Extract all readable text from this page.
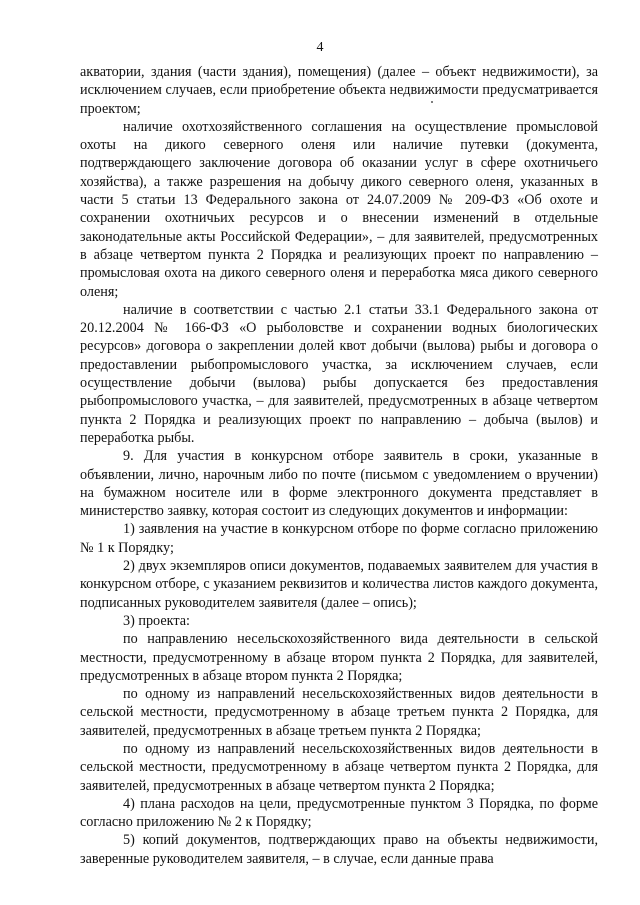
4

акватории, здания (части здания), помещения) (далее – объект недвижимости), за исключением случаев, если приобретение объекта недвижимости предусматривается проектом;

наличие охотхозяйственного соглашения на осуществление промысловой охоты на дикого северного оленя или наличие путевки (документа, подтверждающего заключение договора об оказании услуг в сфере охотничьего хозяйства), а также разрешения на добычу дикого северного оленя, указанных в части 5 статьи 13 Федерального закона от 24.07.2009 № 209-ФЗ «Об охоте и сохранении охотничьих ресурсов и о внесении изменений в отдельные законодательные акты Российской Федерации», – для заявителей, предусмотренных в абзаце четвертом пункта 2 Порядка и реализующих проект по направлению – промысловая охота на дикого северного оленя и переработка мяса дикого северного оленя;

наличие в соответствии с частью 2.1 статьи 33.1 Федерального закона от 20.12.2004 № 166-ФЗ «О рыболовстве и сохранении водных биологических ресурсов» договора о закреплении долей квот добычи (вылова) рыбы и договора о предоставлении рыбопромыслового участка, за исключением случаев, если осуществление добычи (вылова) рыбы допускается без предоставления рыбопромыслового участка, – для заявителей, предусмотренных в абзаце четвертом пункта 2 Порядка и реализующих проект по направлению – добыча (вылов) и переработка рыбы.

9. Для участия в конкурсном отборе заявитель в сроки, указанные в объявлении, лично, нарочным либо по почте (письмом с уведомлением о вручении) на бумажном носителе или в форме электронного документа представляет в министерство заявку, которая состоит из следующих документов и информации:

1) заявления на участие в конкурсном отборе по форме согласно приложению № 1 к Порядку;

2) двух экземпляров описи документов, подаваемых заявителем для участия в конкурсном отборе, с указанием реквизитов и количества листов каждого документа, подписанных руководителем заявителя (далее – опись);

3) проекта:

по направлению несельскохозяйственного вида деятельности в сельской местности, предусмотренному в абзаце втором пункта 2 Порядка, для заявителей, предусмотренных в абзаце втором пункта 2 Порядка;

по одному из направлений несельскохозяйственных видов деятельности в сельской местности, предусмотренному в абзаце третьем пункта 2 Порядка, для заявителей, предусмотренных в абзаце третьем пункта 2 Порядка;

по одному из направлений несельскохозяйственных видов деятельности в сельской местности, предусмотренному в абзаце четвертом пункта 2 Порядка, для заявителей, предусмотренных в абзаце четвертом пункта 2 Порядка;

4) плана расходов на цели, предусмотренные пунктом 3 Порядка, по форме согласно приложению № 2 к Порядку;

5) копий документов, подтверждающих право на объекты недвижимости, заверенные руководителем заявителя, – в случае, если данные права
